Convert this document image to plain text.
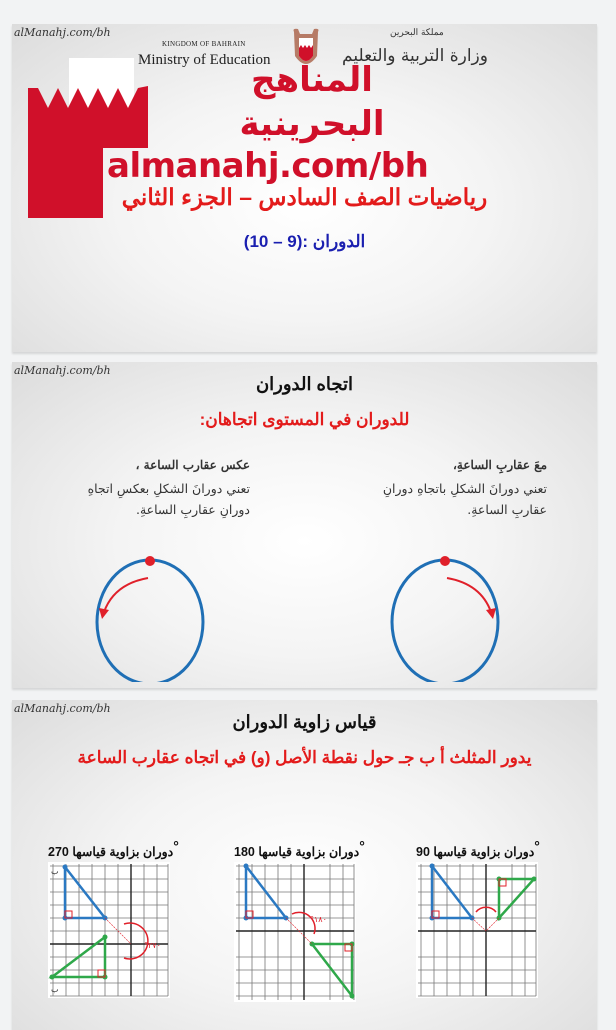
alManahj.com/bh
KINGDOM OF BAHRAIN
Ministry of Education
مملكة البحرين
وزارة التربية والتعليم
المناهج
البحرينية
almanahj.com/bh
رياضيات الصف السادس – الجزء الثاني
(10 – 9): الدوران
alManahj.com/bh
اتجاه الدوران
للدوران في المستوى اتجاهان:
معَ عقاربِ الساعةِ،
تعني دورانَ الشكلِ باتجاهِ دورانِ
عقاربِ الساعةِ.
عكس عقارب الساعة ،
تعني دورانَ الشكلِ بعكسِ اتجاهِ
دورانِ عقاربِ الساعةِ.
alManahj.com/bh
قياس زاوية الدوران
يدور المثلث أ ب جـ حول نقطة الأصل (و) في اتجاه عقارب الساعة
دوران بزاوية قياسها 270	°
°٢٧٠
ب
ب
دوران بزاوية قياسها 180	°
°١٨٠
دوران بزاوية قياسها 90	°
